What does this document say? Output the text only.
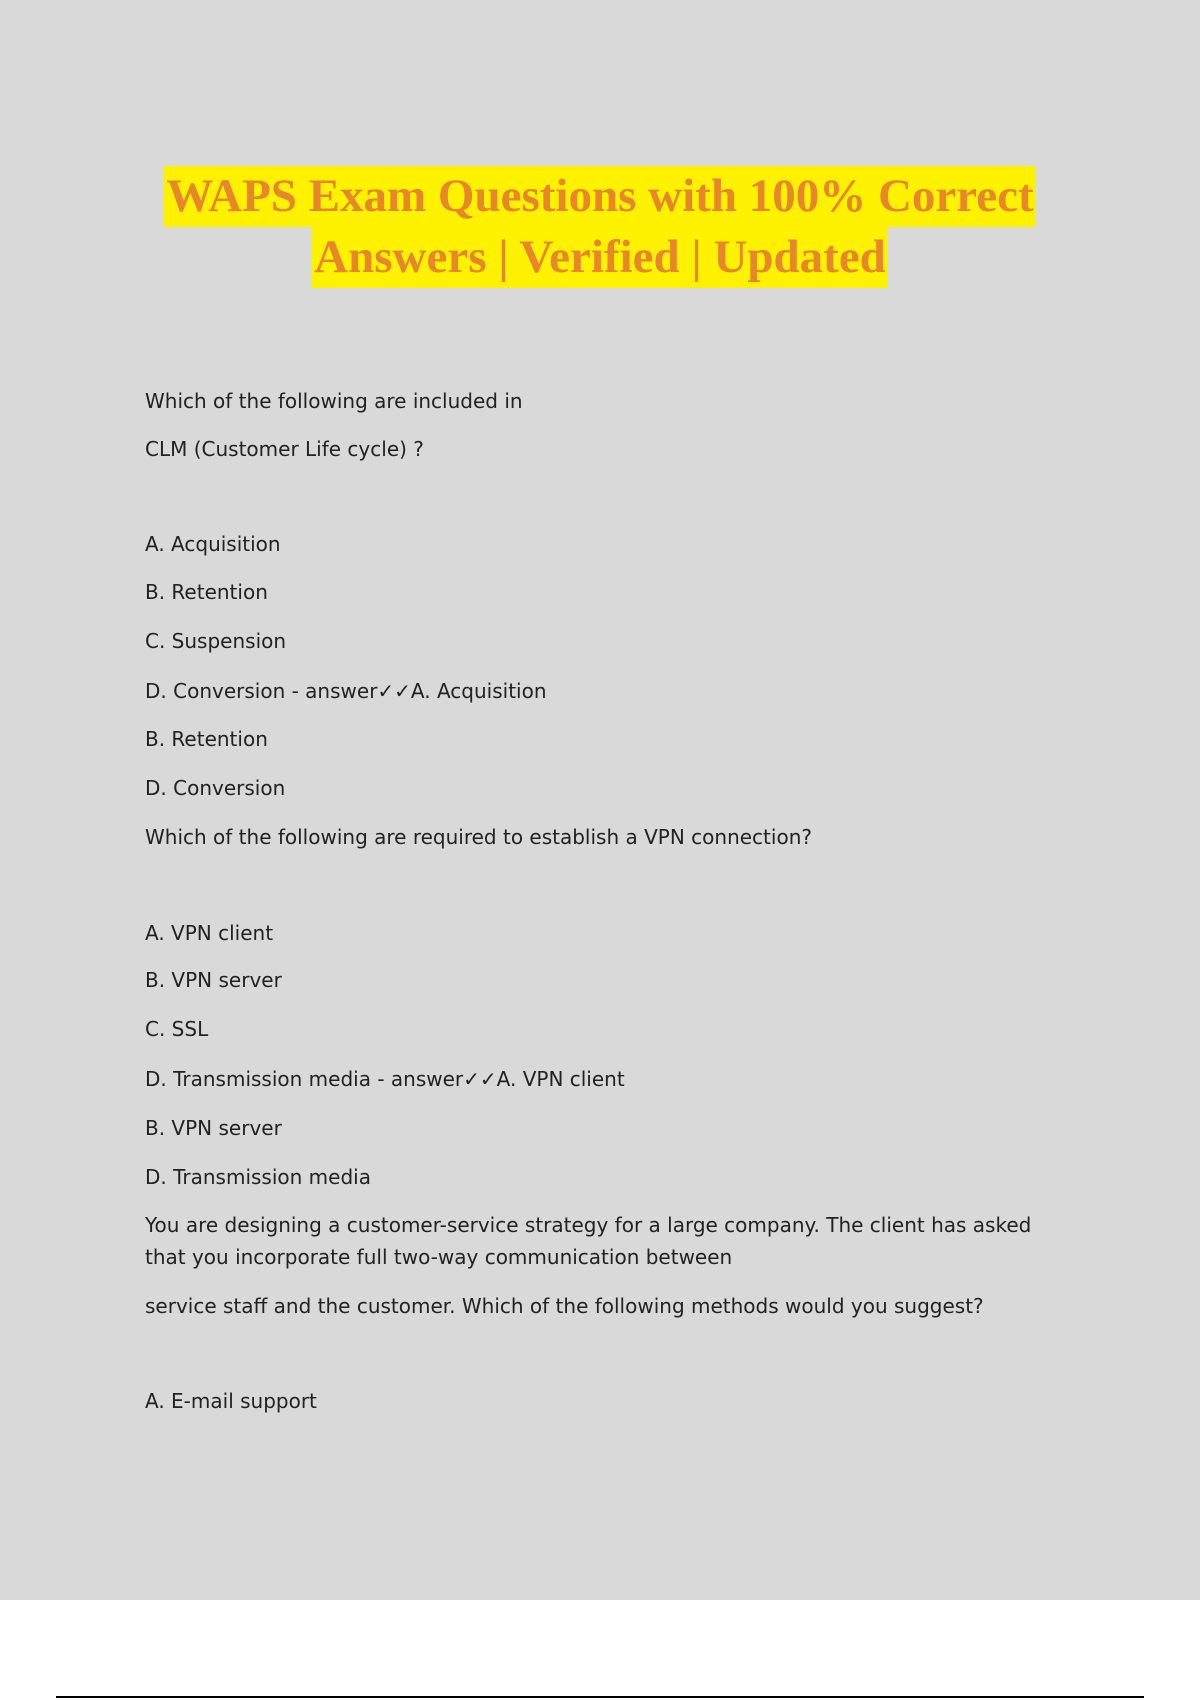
WAPS Exam Questions with 100% Correct
Answers | Verified | Updated

Which of the following are included in

CLM (Customer Life cycle) ?

A. Acquisition

B. Retention

C. Suspension

D. Conversion - answer✓✓A. Acquisition

B. Retention

D. Conversion

Which of the following are required to establish a VPN connection?

A. VPN client

B. VPN server

C. SSL

D. Transmission media - answer✓✓A. VPN client

B. VPN server

D. Transmission media

You are designing a customer-service strategy for a large company. The client has asked that you incorporate full two-way communication between

service staff and the customer. Which of the following methods would you suggest?

A. E-mail support
